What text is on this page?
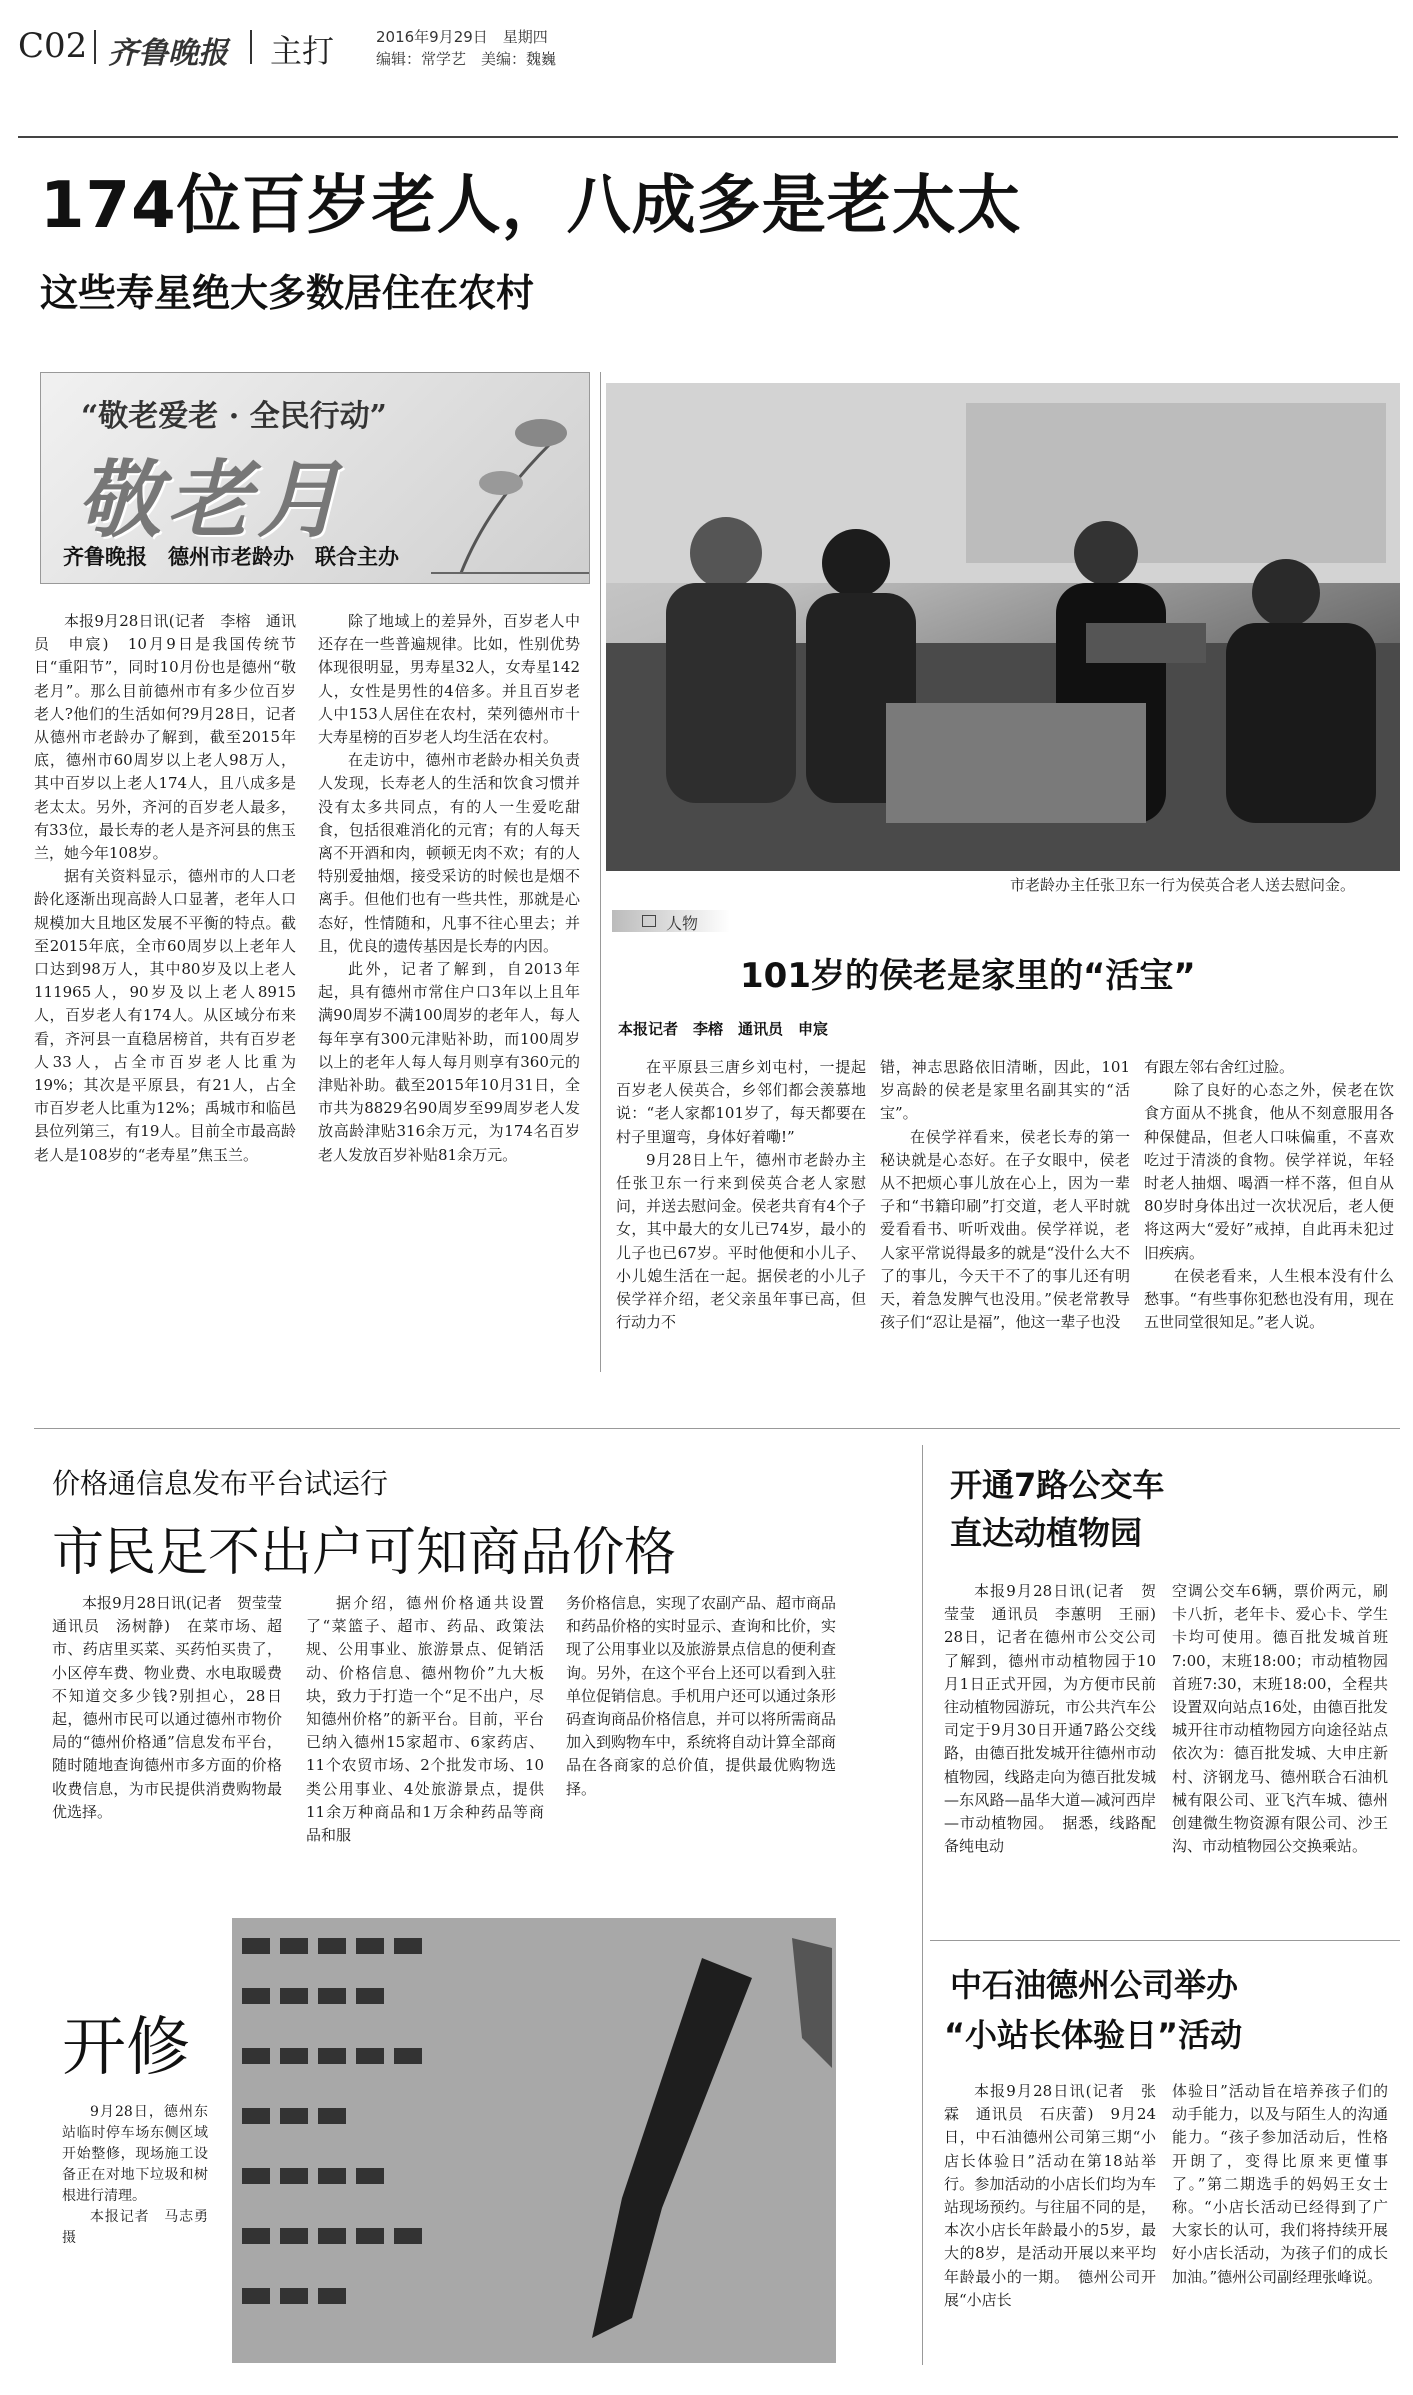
C02 齐鲁晚报 主打	2016年9月29日　星期四
编辑：常学艺　美编：魏巍
174位百岁老人，八成多是老太太
这些寿星绝大多数居住在农村
“敬老爱老 · 全民行动”
敬老月
齐鲁晚报　德州市老龄办　联合主办

本报9月28日讯(记者　李榕　通讯员　申宸)　10月9日是我国传统节日“重阳节”，同时10月份也是德州“敬老月”。那么目前德州市有多少位百岁老人?他们的生活如何?9月28日，记者从德州市老龄办了解到，截至2015年底，德州市60周岁以上老人98万人，其中百岁以上老人174人，且八成多是老太太。另外，齐河的百岁老人最多，有33位，最长寿的老人是齐河县的焦玉兰，她今年108岁。

据有关资料显示，德州市的人口老龄化逐渐出现高龄人口显著，老年人口规模加大且地区发展不平衡的特点。截至2015年底，全市60周岁以上老年人口达到98万人，其中80岁及以上老人111965人，90岁及以上老人8915人，百岁老人有174人。从区域分布来看，齐河县一直稳居榜首，共有百岁老人33人，占全市百岁老人比重为19%；其次是平原县，有21人，占全市百岁老人比重为12%；禹城市和临邑县位列第三，有19人。目前全市最高龄老人是108岁的“老寿星”焦玉兰。

除了地域上的差异外，百岁老人中还存在一些普遍规律。比如，性别优势体现很明显，男寿星32人，女寿星142人，女性是男性的4倍多。并且百岁老人中153人居住在农村，荣列德州市十大寿星榜的百岁老人均生活在农村。

在走访中，德州市老龄办相关负责人发现，长寿老人的生活和饮食习惯并没有太多共同点，有的人一生爱吃甜食，包括很难消化的元宵；有的人每天离不开酒和肉，顿顿无肉不欢；有的人特别爱抽烟，接受采访的时候也是烟不离手。但他们也有一些共性，那就是心态好，性情随和，凡事不往心里去；并且，优良的遗传基因是长寿的内因。

此外，记者了解到，自2013年起，具有德州市常住户口3年以上且年满90周岁不满100周岁的老年人，每人每年享有300元津贴补助，而100周岁以上的老年人每人每月则享有360元的津贴补助。截至2015年10月31日，全市共为8829名90周岁至99周岁老人发放高龄津贴316余万元，为174名百岁老人发放百岁补贴81余万元。

市老龄办主任张卫东一行为侯英合老人送去慰问金。
人物
101岁的侯老是家里的“活宝”
本报记者　李榕　通讯员　申宸

在平原县三唐乡刘屯村，一提起百岁老人侯英合，乡邻们都会羡慕地说：“老人家都101岁了，每天都要在村子里遛弯，身体好着嘞!”

9月28日上午，德州市老龄办主任张卫东一行来到侯英合老人家慰问，并送去慰问金。侯老共育有4个子女，其中最大的女儿已74岁，最小的儿子也已67岁。平时他便和小儿子、小儿媳生活在一起。据侯老的小儿子侯学祥介绍，老父亲虽年事已高，但行动力不

错，神志思路依旧清晰，因此，101岁高龄的侯老是家里名副其实的“活宝”。

在侯学祥看来，侯老长寿的第一秘诀就是心态好。在子女眼中，侯老从不把烦心事儿放在心上，因为一辈子和“书籍印刷”打交道，老人平时就爱看看书、听听戏曲。侯学祥说，老人家平常说得最多的就是“没什么大不了的事儿，今天干不了的事儿还有明天，着急发脾气也没用。”侯老常教导孩子们“忍让是福”，他这一辈子也没

有跟左邻右舍红过脸。

除了良好的心态之外，侯老在饮食方面从不挑食，他从不刻意服用各种保健品，但老人口味偏重，不喜欢吃过于清淡的食物。侯学祥说，年轻时老人抽烟、喝酒一样不落，但自从80岁时身体出过一次状况后，老人便将这两大“爱好”戒掉，自此再未犯过旧疾病。

在侯老看来，人生根本没有什么愁事。“有些事你犯愁也没有用，现在五世同堂很知足。”老人说。

价格通信息发布平台试运行
市民足不出户可知商品价格

本报9月28日讯(记者　贺莹莹　通讯员　汤树静)　在菜市场、超市、药店里买菜、买药怕买贵了，小区停车费、物业费、水电取暖费不知道交多少钱?别担心，28日起，德州市民可以通过德州市物价局的“德州价格通”信息发布平台，随时随地查询德州市多方面的价格收费信息，为市民提供消费购物最优选择。

据介绍，德州价格通共设置了“菜篮子、超市、药品、政策法规、公用事业、旅游景点、促销活动、价格信息、德州物价”九大板块，致力于打造一个“足不出户，尽知德州价格”的新平台。目前，平台已纳入德州15家超市、6家药店、11个农贸市场、2个批发市场、10类公用事业、4处旅游景点，提供11余万种商品和1万余种药品等商品和服

务价格信息，实现了农副产品、超市商品和药品价格的实时显示、查询和比价，实现了公用事业以及旅游景点信息的便利查询。另外，在这个平台上还可以看到入驻单位促销信息。手机用户还可以通过条形码查询商品价格信息，并可以将所需商品加入到购物车中，系统将自动计算全部商品在各商家的总价值，提供最优购物选择。

开修

9月28日，德州东站临时停车场东侧区域开始整修，现场施工设备正在对地下垃圾和树根进行清理。

本报记者　马志勇　摄

开通7路公交车
直达动植物园

本报9月28日讯(记者　贺莹莹　通讯员　李蕙明　王丽)　28日，记者在德州市公交公司了解到，德州市动植物园于10月1日正式开园，为方便市民前往动植物园游玩，市公共汽车公司定于9月30日开通7路公交线路，由德百批发城开往德州市动植物园，线路走向为德百批发城—东风路—晶华大道—减河西岸—市动植物园。　据悉，线路配备纯电动

空调公交车6辆，票价两元，刷卡八折，老年卡、爱心卡、学生卡均可使用。德百批发城首班7:00，末班18:00；市动植物园首班7:30，末班18:00，全程共设置双向站点16处，由德百批发城开往市动植物园方向途径站点依次为：德百批发城、大申庄新村、济钢龙马、德州联合石油机械有限公司、亚飞汽车城、德州创建微生物资源有限公司、沙王沟、市动植物园公交换乘站。

中石油德州公司举办
“小站长体验日”活动

本报9月28日讯(记者　张霖　通讯员　石庆蕾)　9月24日，中石油德州公司第三期“小店长体验日”活动在第18站举行。参加活动的小店长们均为车站现场预约。与往届不同的是，本次小店长年龄最小的5岁，最大的8岁，是活动开展以来平均年龄最小的一期。　德州公司开展“小店长

体验日”活动旨在培养孩子们的动手能力，以及与陌生人的沟通能力。“孩子参加活动后，性格开朗了，变得比原来更懂事了。”第二期选手的妈妈王女士称。“小店长活动已经得到了广大家长的认可，我们将持续开展好小店长活动，为孩子们的成长加油。”德州公司副经理张峰说。
